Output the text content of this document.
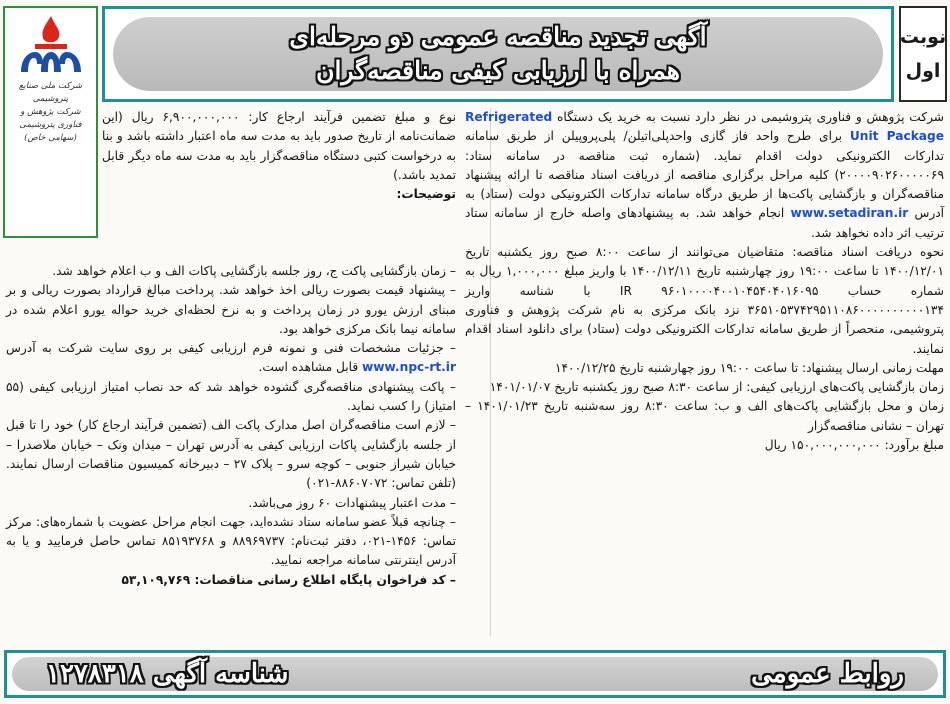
نوبت
اول
آگهی تجدید مناقصه عمومی دو مرحله‌ای
همراه با ارزیابی کیفی مناقصه‌گران
شرکت ملی صنایع پتروشیمی
شرکت پژوهش و فناوری پتروشیمی
(سهامی خاص)

شرکت پژوهش و فناوری پتروشیمی در نظر دارد نسبت به خرید یک دستگاه Refrigerated Unit Package برای طرح واحد فاز گازی واحدپلی‌اتیلن/ پلی‌پروپیلن از طریق سامانه تدارکات الکترونیکی دولت اقدام نماید. (شماره ثبت مناقصه در سامانه ستاد: ۲۰۰۰۰۹۰۲۶۰۰۰۰۰۶۹) کلیه مراحل برگزاری مناقصه از دریافت اسناد مناقصه تا ارائه پیشنهاد مناقصه‌گران و بازگشایی پاکت‌ها از طریق درگاه سامانه تدارکات الکترونیکی دولت (ستاد) به آدرس www.setadiran.ir انجام خواهد شد. به پیشنهادهای واصله خارج از سامانه ستاد ترتیب اثر داده نخواهد شد.

نحوه دریافت اسناد مناقصه: متقاضیان می‌توانند از ساعت ۸:۰۰ صبح روز یکشنبه تاریخ ۱۴۰۰/۱۲/۰۱ تا ساعت ۱۹:۰۰ روز چهارشنبه تاریخ ۱۴۰۰/۱۲/۱۱ با واریز مبلغ ۱,۰۰۰,۰۰۰ ریال به شماره حساب ۹۶۰۱۰۰۰۰۴۰۰۱۰۴۵۴۰۴۰۱۶۰۹۵ IR با شناسه واریز ۳۶۵۱۰۵۳۷۴۲۹۵۱۱۰۸۶۰۰۰۰۰۰۰۰۰۰۱۳۴ نزد بانک مرکزی به نام شرکت پژوهش و فناوری پتروشیمی، منحصراً از طریق سامانه تدارکات الکترونیکی دولت (ستاد) برای دانلود اسناد اقدام نمایند.

مهلت زمانی ارسال پیشنهاد: تا ساعت ۱۹:۰۰ روز چهارشنبه تاریخ ۱۴۰۰/۱۲/۲۵

زمان بازگشایی پاکت‌های ارزیابی کیفی: از ساعت ۸:۳۰ صبح روز یکشنبه تاریخ ۱۴۰۱/۰۱/۰۷

زمان و محل بازگشایی پاکت‌های الف و ب: ساعت ۸:۳۰ روز سه‌شنبه تاریخ ۱۴۰۱/۰۱/۲۳ – تهران – نشانی مناقصه‌گزار

مبلغ برآورد: ۱۵۰,۰۰۰,۰۰۰,۰۰۰ ریال

نوع و مبلغ تضمین فرآیند ارجاع کار: ۶,۹۰۰,۰۰۰,۰۰۰ ریال (این ضمانت‌نامه از تاریخ صدور باید به مدت سه ماه اعتبار داشته باشد و بنا به درخواست کتبی دستگاه مناقصه‌گزار باید به مدت سه ماه دیگر قابل تمدید باشد.)

توضیحات:

– زمان بازگشایی پاکت ج، روز جلسه بازگشایی پاکات الف و ب اعلام خواهد شد.

– پیشنهاد قیمت بصورت ریالی اخذ خواهد شد. پرداخت مبالغ قرارداد بصورت ریالی و بر مبنای ارزش یورو در زمان پرداخت و به نرخ لحظه‌ای خرید حواله یورو اعلام شده در سامانه نیما بانک مرکزی خواهد بود.

– جزئیات مشخصات فنی و نمونه فرم ارزیابی کیفی بر روی سایت شرکت به آدرس www.npc-rt.ir قابل مشاهده است.

– پاکت پیشنهادی مناقصه‌گری گشوده خواهد شد که حد نصاب امتیاز ارزیابی کیفی (۵۵ امتیاز) را کسب نماید.

– لازم است مناقصه‌گران اصل مدارک پاکت الف (تضمین فرآیند ارجاع کار) خود را تا قبل از جلسه بازگشایی پاکات ارزیابی کیفی به آدرس تهران – میدان ونک – خیابان ملاصدرا – خیابان شیراز جنوبی – کوچه سرو – پلاک ۲۷ – دبیرخانه کمیسیون مناقصات ارسال نمایند. (تلفن تماس: ۸۸۶۰۷۰۷۲-۰۲۱)

– مدت اعتبار پیشنهادات ۶۰ روز می‌باشد.

– چنانچه قبلاً عضو سامانه ستاد نشده‌اید، جهت انجام مراحل عضویت با شماره‌های: مرکز تماس: ۱۴۵۶-۰۲۱، دفتر ثبت‌نام: ۸۸۹۶۹۷۳۷ و ۸۵۱۹۳۷۶۸ تماس حاصل فرمایید و یا به آدرس اینترنتی سامانه مراجعه نمایید.

– کد فراخوان پایگاه اطلاع رسانی مناقصات: ۵۳,۱۰۹,۷۶۹

روابط عمومی
شناسه آگهی ۱۲۷۸۳۱۸
